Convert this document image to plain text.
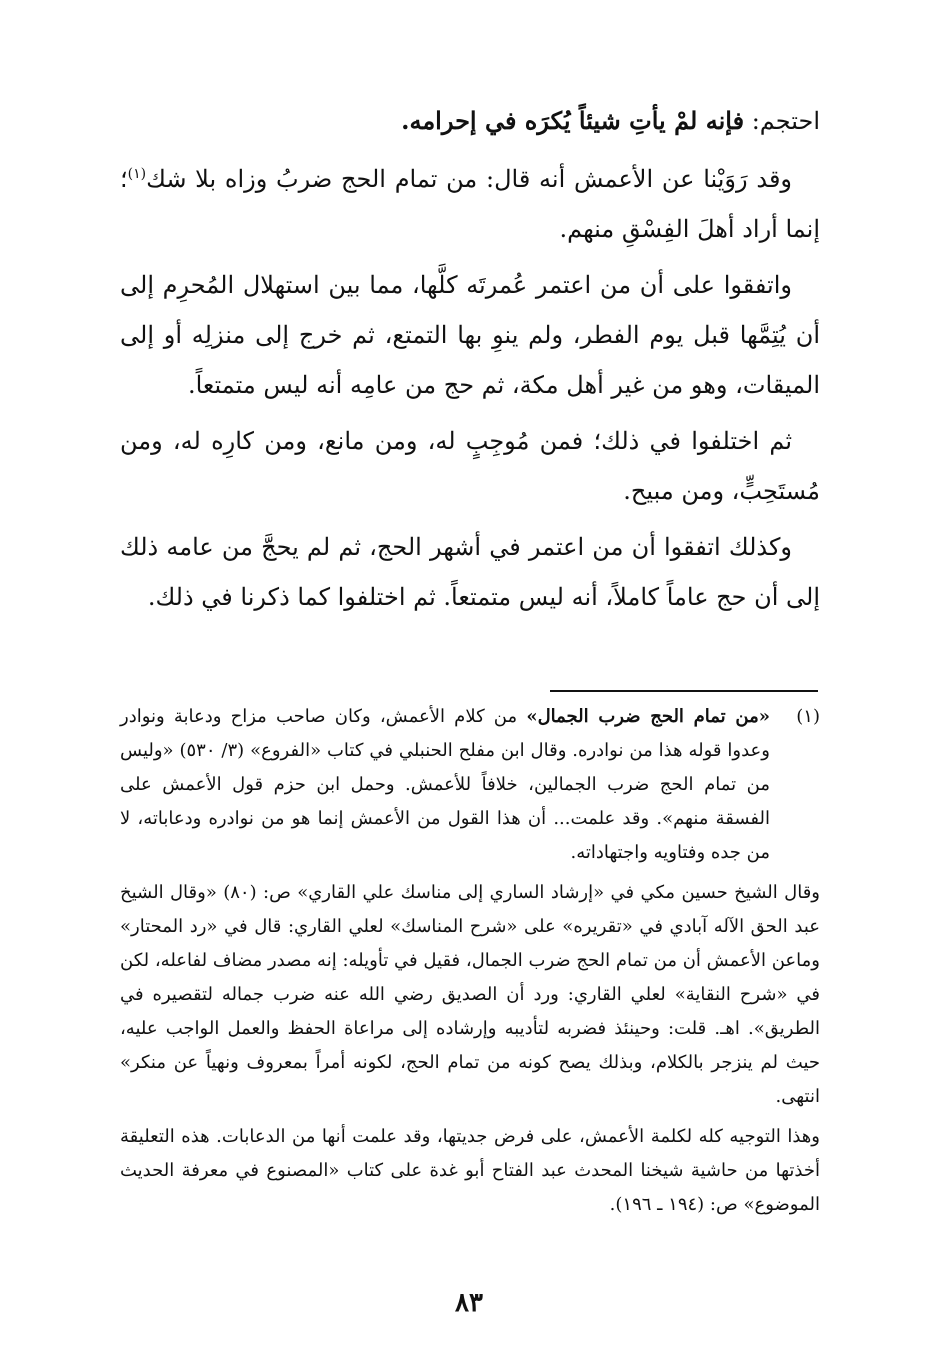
احتجم: فإنه لمْ يأتِ شيئاً يُكرَه في إحرامه.

وقد رَوَيْنا عن الأعمش أنه قال: من تمام الحج ضربُ وزاه بلا شك$^{(١)}$؛ إنما أراد أهلَ الفِسْقِ منهم.

واتفقوا على أن من اعتمر عُمرتَه كلَّها، مما بين استهلال المُحرِم إلى أن يُتِمَّها قبل يوم الفطر، ولم ينوِ بها التمتع، ثم خرج إلى منزلِه أو إلى الميقات، وهو من غير أهل مكة، ثم حج من عامِه أنه ليس متمتعاً.

ثم اختلفوا في ذلك؛ فمن مُوجِبٍ له، ومن مانع، ومن كارِه له، ومن مُستَحِبٍّ، ومن مبيح.

وكذلك اتفقوا أن من اعتمر في أشهر الحج، ثم لم يحجَّ من عامه ذلك إلى أن حج عاماً كاملاً، أنه ليس متمتعاً. ثم اختلفوا كما ذكرنا في ذلك.

(١)

«من تمام الحج ضرب الجمال» من كلام الأعمش، وكان صاحب مزاح ودعابة ونوادر وعدوا قوله هذا من نوادره. وقال ابن مفلح الحنبلي في كتاب «الفروع» (٣/ ٥٣٠) «وليس من تمام الحج ضرب الجمالين، خلافاً للأعمش. وحمل ابن حزم قول الأعمش على الفسقة منهم». وقد علمت... أن هذا القول من الأعمش إنما هو من نوادره ودعاباته، لا من جده وفتاويه واجتهاداته.

وقال الشيخ حسين مكي في «إرشاد الساري إلى مناسك علي القاري» ص: (٨٠) «وقال الشيخ عبد الحق الآله آبادي في «تقريره» على «شرح المناسك» لعلي القاري: قال في «رد المحتار» وماعن الأعمش أن من تمام الحج ضرب الجمال، فقيل في تأويله: إنه مصدر مضاف لفاعله، لكن في «شرح النقاية» لعلي القاري: ورد أن الصديق رضي الله عنه ضرب جماله لتقصيره في الطريق». اهـ. قلت: وحينئذ فضربه لتأديبه وإرشاده إلى مراعاة الحفظ والعمل الواجب عليه، حيث لم ينزجر بالكلام، وبذلك يصح كونه من تمام الحج، لكونه أمراً بمعروف ونهياً عن منكر» انتهى.

وهذا التوجيه كله لكلمة الأعمش، على فرض جديتها، وقد علمت أنها من الدعابات. هذه التعليقة أخذتها من حاشية شيخنا المحدث عبد الفتاح أبو غدة على كتاب «المصنوع في معرفة الحديث الموضوع» ص: (١٩٤ ـ ١٩٦).

٨٣
